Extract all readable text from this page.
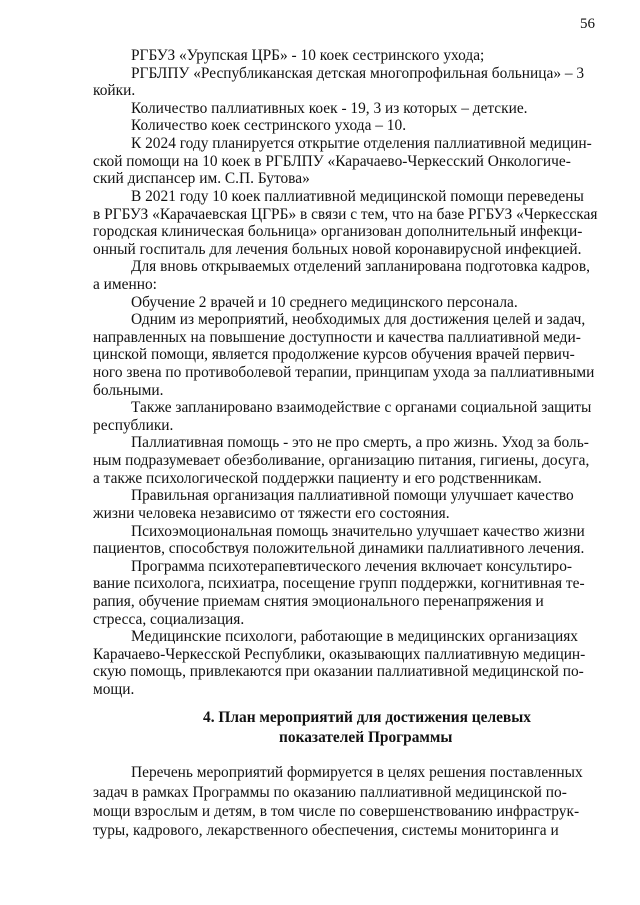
56
РГБУЗ «Урупская ЦРБ» - 10 коек сестринского ухода;
РГБЛПУ «Республиканская детская многопрофильная больница» – 3
койки.
Количество паллиативных коек - 19, 3 из которых – детские.
Количество коек сестринского ухода – 10.
К 2024 году планируется открытие отделения паллиативной медицин-
ской помощи на 10 коек в РГБЛПУ «Карачаево-Черкесский Онкологиче-
ский диспансер им. С.П. Бутова»
В 2021 году 10 коек паллиативной медицинской помощи переведены
в РГБУЗ «Карачаевская ЦГРБ» в связи с тем, что на базе РГБУЗ «Черкесская
городская клиническая больница» организован дополнительный инфекци-
онный госпиталь для лечения больных новой коронавирусной инфекцией.
Для вновь открываемых отделений запланирована подготовка кадров,
а именно:
Обучение 2 врачей и 10 среднего медицинского персонала.
Одним из мероприятий, необходимых для достижения целей и задач,
направленных на повышение доступности и качества паллиативной меди-
цинской помощи, является продолжение курсов обучения врачей первич-
ного звена по противоболевой терапии, принципам ухода за паллиативными
больными.
Также запланировано взаимодействие с органами социальной защиты
республики.
Паллиативная помощь - это не про смерть, а про жизнь. Уход за боль-
ным подразумевает обезболивание, организацию питания, гигиены, досуга,
а также психологической поддержки пациенту и его родственникам.
Правильная организация паллиативной помощи улучшает качество
жизни человека независимо от тяжести его состояния.
Психоэмоциональная помощь значительно улучшает качество жизни
пациентов, способствуя положительной динамики паллиативного лечения.
Программа психотерапевтического лечения включает консультиро-
вание психолога, психиатра, посещение групп поддержки, когнитивная те-
рапия, обучение приемам снятия эмоционального перенапряжения и
стресса, социализация.
Медицинские психологи, работающие в медицинских организациях
Карачаево-Черкесской Республики, оказывающих паллиативную медицин-
скую помощь, привлекаются при оказании паллиативной медицинской по-
мощи.
4. План мероприятий для достижения целевых
показателей Программы
Перечень мероприятий формируется в целях решения поставленных
задач в рамках Программы по оказанию паллиативной медицинской по-
мощи взрослым и детям, в том числе по совершенствованию инфраструк-
туры, кадрового, лекарственного обеспечения, системы мониторинга и
